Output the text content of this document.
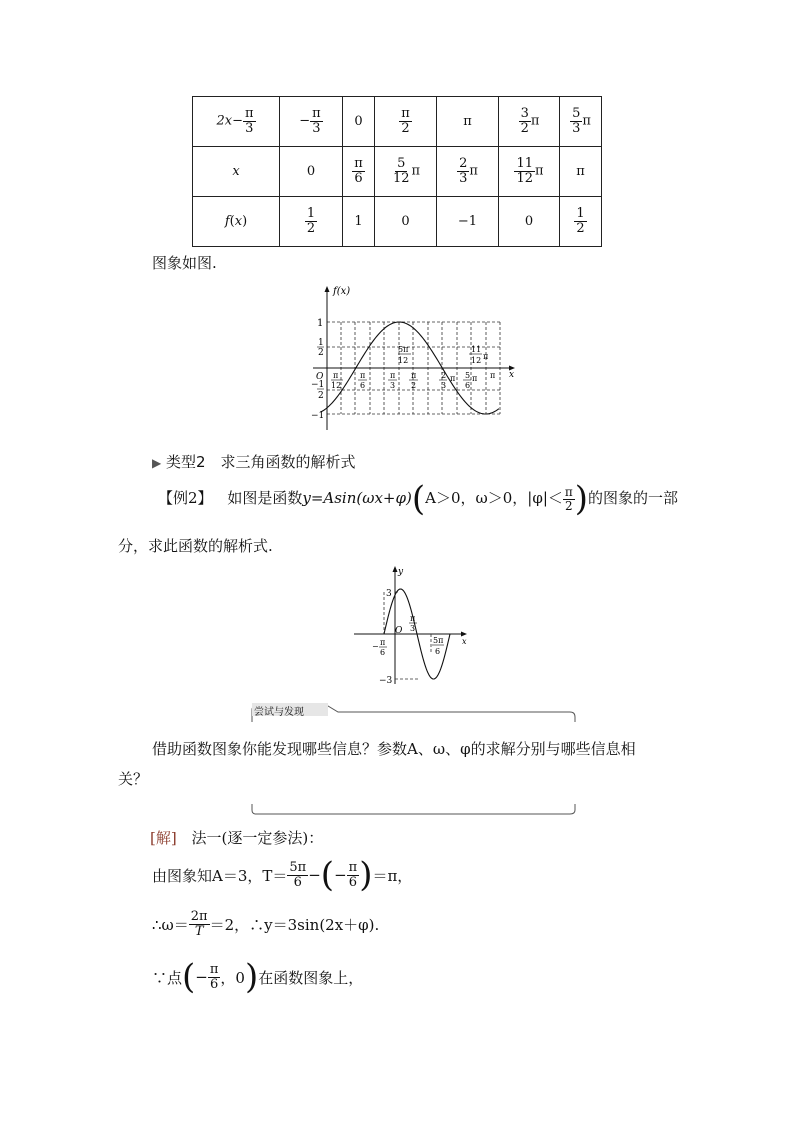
$2x- \frac{\pi}{3}$	− $\frac{\pi}{3}$	0	$\frac{\pi}{2}$	π	$\frac{3}{2}$ π	$\frac{5}{3}$ π
x	0	$\frac{\pi}{6}$	$\frac{5}{12}$ π	$\frac{2}{3}$ π	$\frac{11}{12}$ π	π
f(x)	$\frac{1}{2}$	1	0	−1	0	$\frac{1}{2}$
图象如图.
f(x)
x
O
1
1
2
−1
2
−1
π
12
π
6
π
3
π
2
5π
12
2
3
π 5
6
π
11
12 π
π
▶ 类型2　求三角函数的解析式
【例2】 如图是函数y=Asin(ωx+φ)(A＞0，ω＞0，$|\varphi|< \frac{\pi}{2}$ )的图象的一部
分，求此函数的解析式.
y
x
O
3
−3
− π
6
π
3
5π
6
尝试与发现
借助函数图象你能发现哪些信息？参数A、ω、φ的求解分别与哪些信息相
关？
[解] 法一(逐一定参法)：
由图象知A＝3，$T= \frac{5\pi}{6}$ − ( − $\frac{\pi}{6}$ ) ＝π，
∴ω＝ $\frac{2\pi}{T} =2$，∴y＝3sin(2x＋φ).
∵点 ( − $\frac{\pi}{6}$ ，0 ) 在函数图象上，
